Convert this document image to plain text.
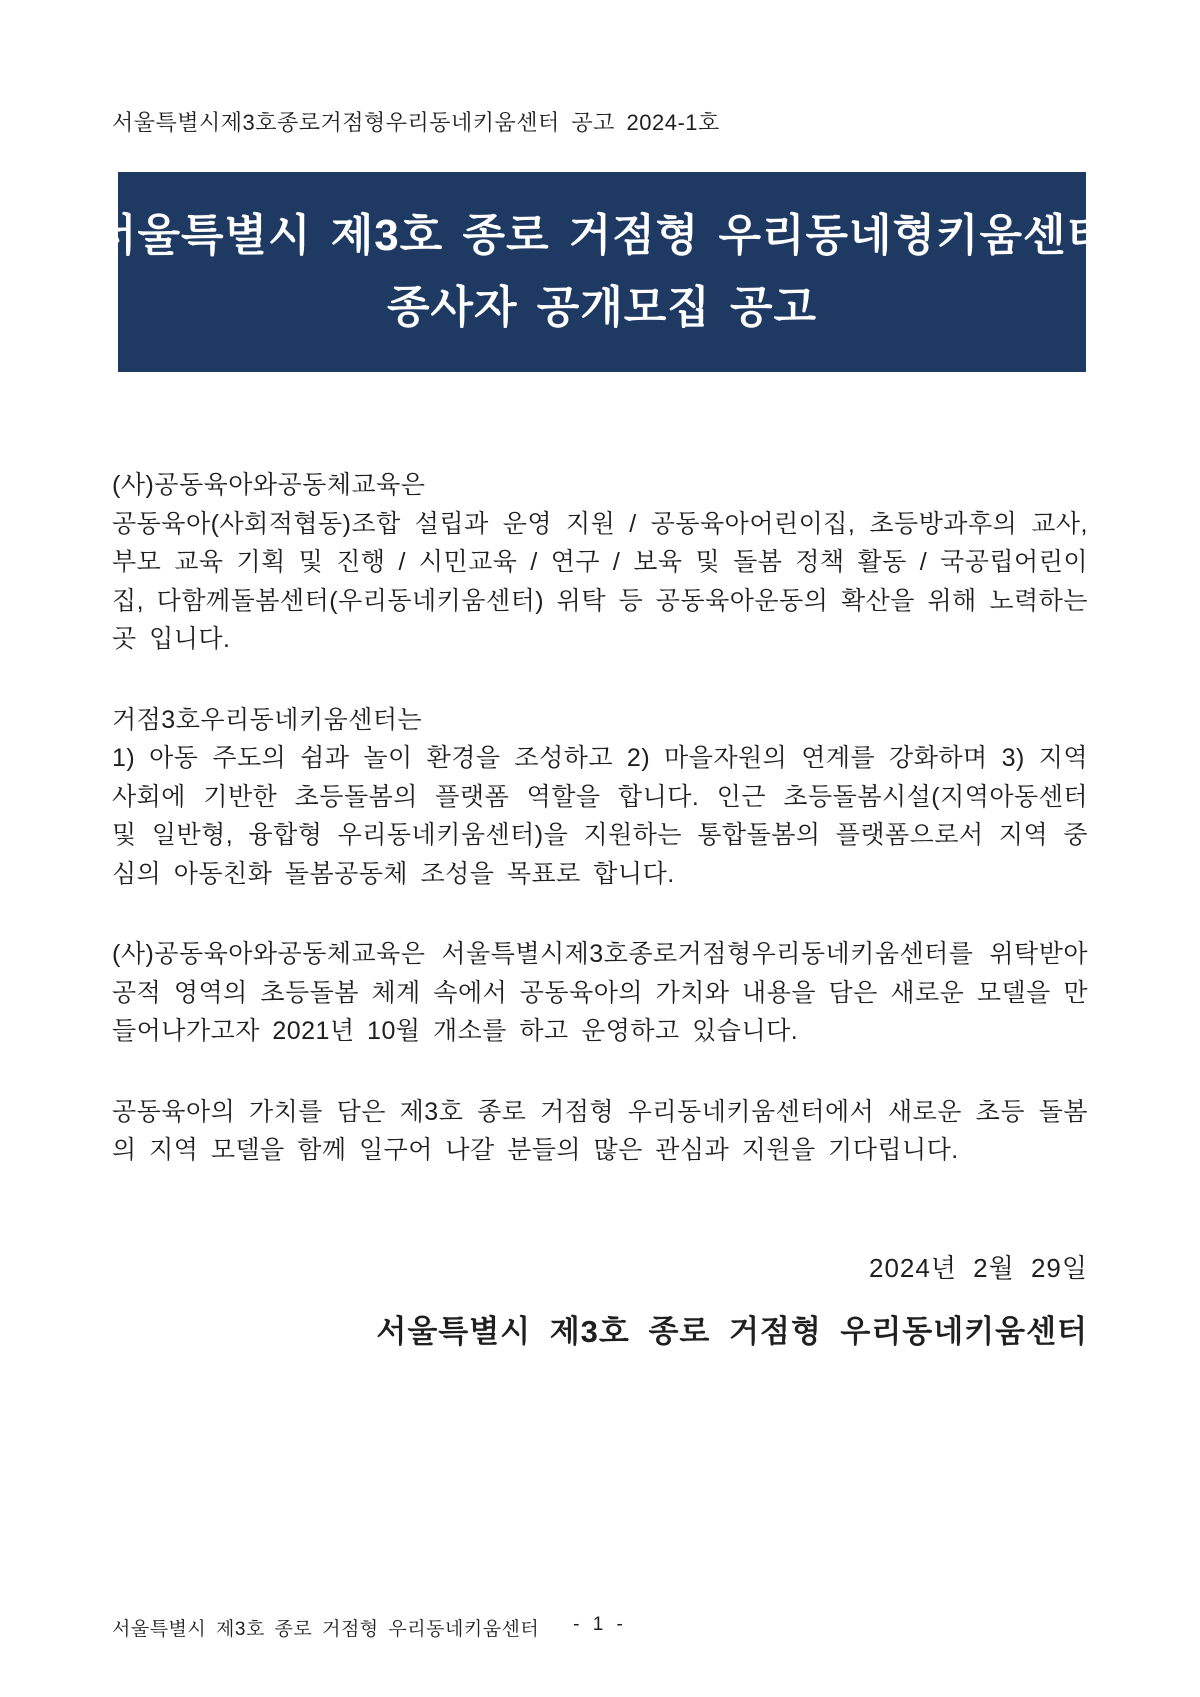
서울특별시제3호종로거점형우리동네키움센터 공고 2024-1호
서울특별시 제3호 종로 거점형 우리동네형키움센터
종사자 공개모집 공고
(사)공동육아와공동체교육은
공동육아(사회적협동)조합 설립과 운영 지원 / 공동육아어린이집, 초등방과후의 교사, 부모 교육 기획 및 진행 / 시민교육 / 연구 / 보육 및 돌봄 정책 활동 / 국공립어린이집, 다함께돌봄센터(우리동네키움센터) 위탁 등 공동육아운동의 확산을 위해 노력하는 곳 입니다.
거점3호우리동네키움센터는
1) 아동 주도의 쉼과 놀이 환경을 조성하고 2) 마을자원의 연계를 강화하며 3) 지역사회에 기반한 초등돌봄의 플랫폼 역할을 합니다. 인근 초등돌봄시설(지역아동센터 및 일반형, 융합형 우리동네키움센터)을 지원하는 통합돌봄의 플랫폼으로서 지역 중심의 아동친화 돌봄공동체 조성을 목표로 합니다.
(사)공동육아와공동체교육은 서울특별시제3호종로거점형우리동네키움센터를 위탁받아 공적 영역의 초등돌봄 체계 속에서 공동육아의 가치와 내용을 담은 새로운 모델을 만들어나가고자 2021년 10월 개소를 하고 운영하고 있습니다.
공동육아의 가치를 담은 제3호 종로 거점형 우리동네키움센터에서 새로운 초등 돌봄의 지역 모델을 함께 일구어 나갈 분들의 많은 관심과 지원을 기다립니다.
2024년 2월 29일
서울특별시 제3호 종로 거점형 우리동네키움센터
서울특별시 제3호 종로 거점형 우리동네키움센터	- 1 -
